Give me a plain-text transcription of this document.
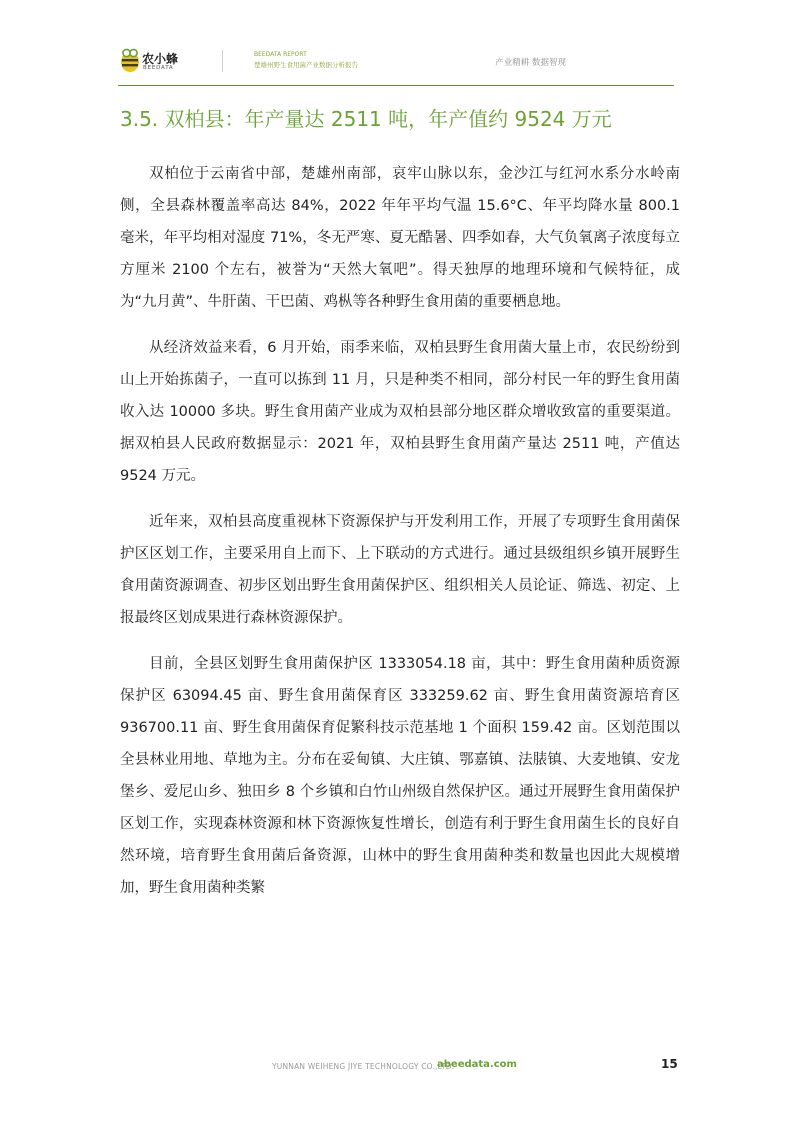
农小蜂
BEEDATA
BEEDATA REPORT
楚雄州野生食用菌产业数据分析报告	产业精耕 数据智现
3.5. 双柏县：年产量达 2511 吨，年产值约 9524 万元

双柏位于云南省中部，楚雄州南部，哀牢山脉以东，金沙江与红河水系分水岭南侧，全县森林覆盖率高达 84%，2022 年年平均气温 15.6°C、年平均降水量 800.1 毫米，年平均相对湿度 71%，冬无严寒、夏无酷暑、四季如春，大气负氧离子浓度每立方厘米 2100 个左右，被誉为“天然大氧吧”。得天独厚的地理环境和气候特征，成为“九月黄”、牛肝菌、干巴菌、鸡枞等各种野生食用菌的重要栖息地。

从经济效益来看，6 月开始，雨季来临，双柏县野生食用菌大量上市，农民纷纷到山上开始拣菌子，一直可以拣到 11 月，只是种类不相同，部分村民一年的野生食用菌收入达 10000 多块。野生食用菌产业成为双柏县部分地区群众增收致富的重要渠道。据双柏县人民政府数据显示：2021 年，双柏县野生食用菌产量达 2511 吨，产值达 9524 万元。

近年来，双柏县高度重视林下资源保护与开发利用工作，开展了专项野生食用菌保护区区划工作，主要采用自上而下、上下联动的方式进行。通过县级组织乡镇开展野生食用菌资源调查、初步区划出野生食用菌保护区、组织相关人员论证、筛选、初定、上报最终区划成果进行森林资源保护。

目前，全县区划野生食用菌保护区 1333054.18 亩，其中：野生食用菌种质资源保护区 63094.45 亩、野生食用菌保育区 333259.62 亩、野生食用菌资源培育区 936700.11 亩、野生食用菌保育促繁科技示范基地 1 个面积 159.42 亩。区划范围以全县林业用地、草地为主。分布在妥甸镇、大庄镇、鄂嘉镇、法脿镇、大麦地镇、安龙堡乡、爱尼山乡、独田乡 8 个乡镇和白竹山州级自然保护区。通过开展野生食用菌保护区划工作，实现森林资源和林下资源恢复性增长，创造有利于野生食用菌生长的良好自然环境，培育野生食用菌后备资源，山林中的野生食用菌种类和数量也因此大规模增加，野生食用菌种类繁

YUNNAN WEIHENG JIYE TECHNOLOGY CO.,LTD.
abeedata.com	15
